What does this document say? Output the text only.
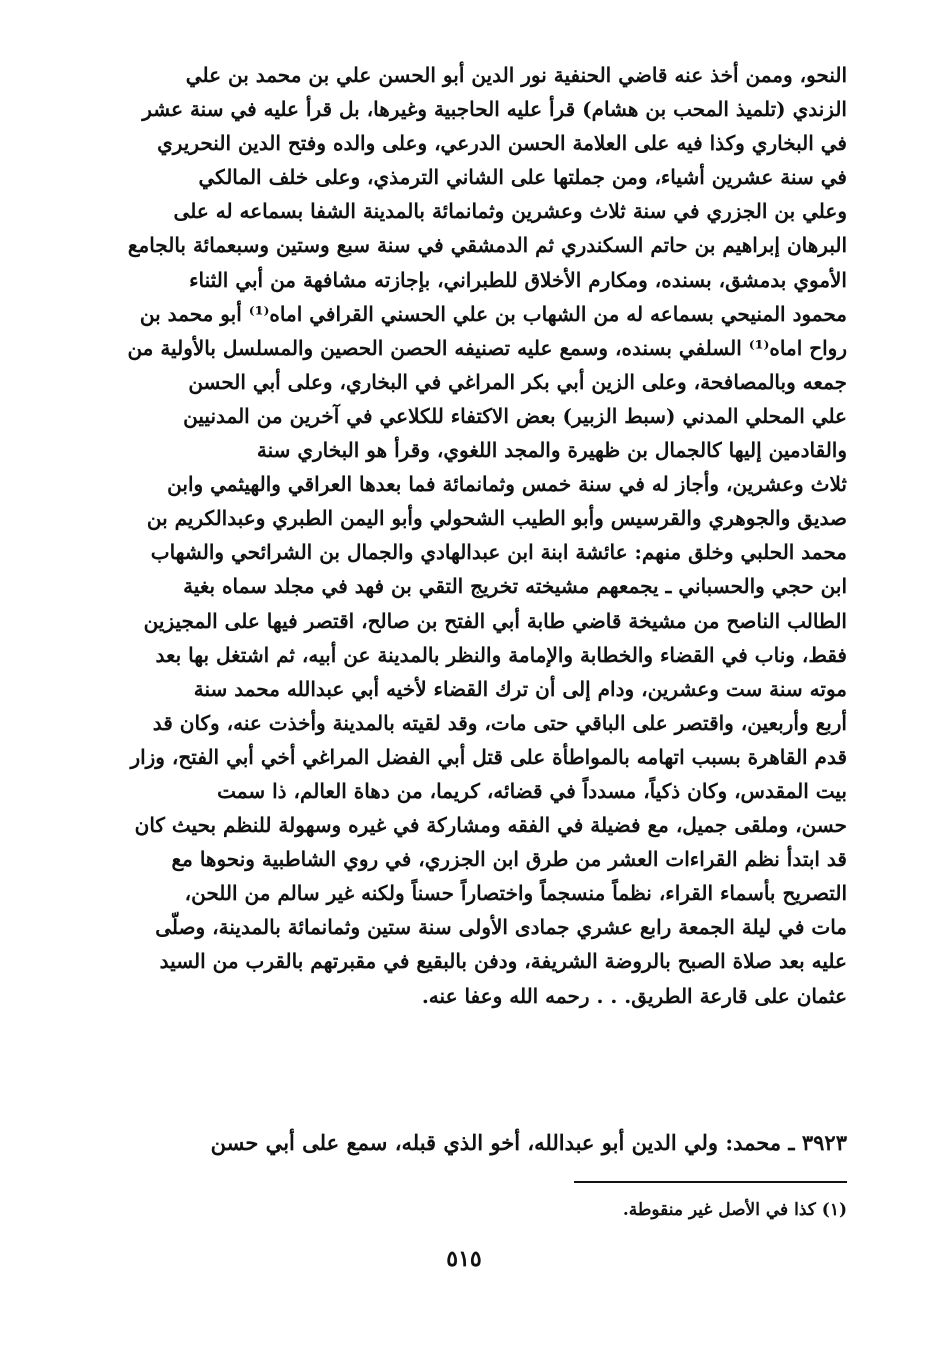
النحو، وممن أخذ عنه قاضي الحنفية نور الدين أبو الحسن علي بن محمد بن علي
الزندي (تلميذ المحب بن هشام) قرأ عليه الحاجبية وغيرها، بل قرأ عليه في سنة عشر
في البخاري وكذا فيه على العلامة الحسن الدرعي، وعلى والده وفتح الدين النحريري
في سنة عشرين أشياء، ومن جملتها على الشاني الترمذي، وعلى خلف المالكي
وعلي بن الجزري في سنة ثلاث وعشرين وثمانمائة بالمدينة الشفا بسماعه له على
البرهان إبراهيم بن حاتم السكندري ثم الدمشقي في سنة سبع وستين وسبعمائة بالجامع
الأموي بدمشق، بسنده، ومكارم الأخلاق للطبراني، بإجازته مشافهة من أبي الثناء
محمود المنيحي بسماعه له من الشهاب بن علي الحسني القرافي اماه⁽¹⁾ أبو محمد بن
رواح اماه⁽¹⁾ السلفي بسنده، وسمع عليه تصنيفه الحصن الحصين والمسلسل بالأولية من
جمعه وبالمصافحة، وعلى الزين أبي بكر المراغي في البخاري، وعلى أبي الحسن
علي المحلي المدني (سبط الزبير) بعض الاكتفاء للكلاعي في آخرين من المدنيين
والقادمين إليها كالجمال بن ظهيرة والمجد اللغوي، وقرأ هو البخاري سنة
ثلاث وعشرين، وأجاز له في سنة خمس وثمانمائة فما بعدها العراقي والهيثمي وابن
صديق والجوهري والقرسيس وأبو الطيب الشحولي وأبو اليمن الطبري وعبدالكريم بن
محمد الحلبي وخلق منهم: عائشة ابنة ابن عبدالهادي والجمال بن الشرائحي والشهاب
ابن حجي والحسباني ـ يجمعهم مشيخته تخريج التقي بن فهد في مجلد سماه بغية
الطالب الناصح من مشيخة قاضي طابة أبي الفتح بن صالح، اقتصر فيها على المجيزين
فقط، وناب في القضاء والخطابة والإمامة والنظر بالمدينة عن أبيه، ثم اشتغل بها بعد
موته سنة ست وعشرين، ودام إلى أن ترك القضاء لأخيه أبي عبدالله محمد سنة
أربع وأربعين، واقتصر على الباقي حتى مات، وقد لقيته بالمدينة وأخذت عنه، وكان قد
قدم القاهرة بسبب اتهامه بالمواطأة على قتل أبي الفضل المراغي أخي أبي الفتح، وزار
بيت المقدس، وكان ذكياً، مسدداً في قضائه، كريما، من دهاة العالم، ذا سمت
حسن، وملقى جميل، مع فضيلة في الفقه ومشاركة في غيره وسهولة للنظم بحيث كان
قد ابتدأ نظم القراءات العشر من طرق ابن الجزري، في روي الشاطبية ونحوها مع
التصريح بأسماء القراء، نظماً منسجماً واختصاراً حسناً ولكنه غير سالم من اللحن،
مات في ليلة الجمعة رابع عشري جمادى الأولى سنة ستين وثمانمائة بالمدينة، وصلّى
عليه بعد صلاة الصبح بالروضة الشريفة، ودفن بالبقيع في مقبرتهم بالقرب من السيد
عثمان على قارعة الطريق. . . رحمه الله وعفا عنه.
٣٩٢٣ ـ محمد: ولي الدين أبو عبدالله، أخو الذي قبله، سمع على أبي حسن
(١) كذا في الأصل غير منقوطة.
٥١٥
